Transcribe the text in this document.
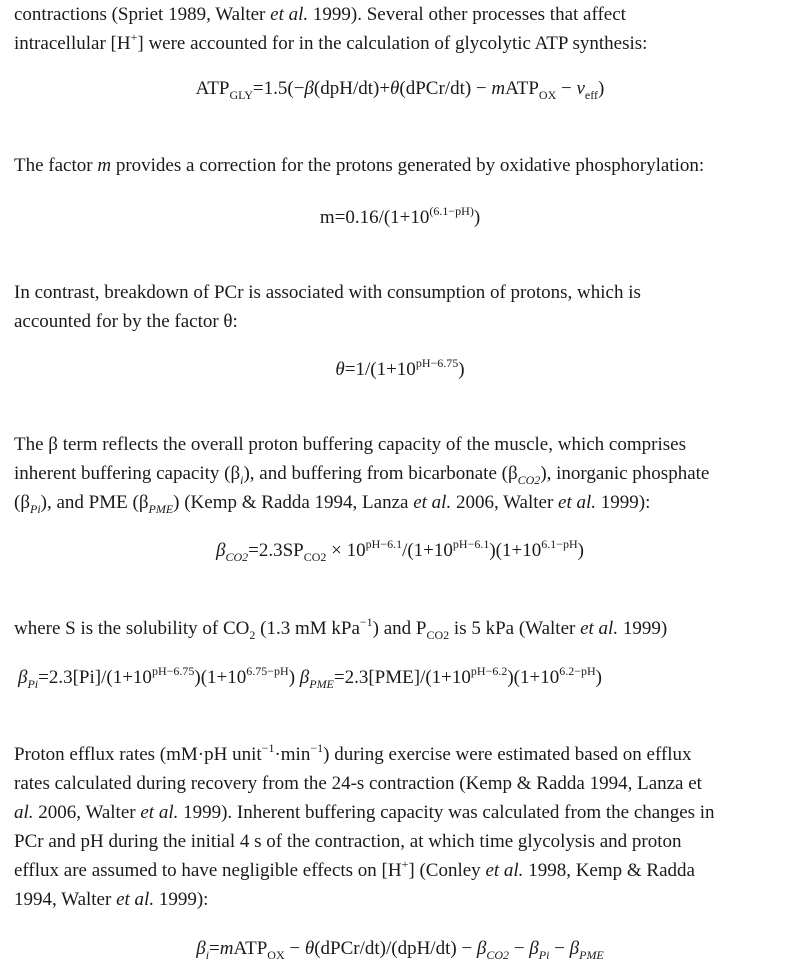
contractions (Spriet 1989, Walter et al. 1999). Several other processes that affect
intracellular [H+] were accounted for in the calculation of glycolytic ATP synthesis:

$ATP_{GLY}=1.5(-\beta(dpH/dt)+\theta(dPCr/dt)$ − mATP$_{OX}$ − $v_{eff}$)

The factor m provides a correction for the protons generated by oxidative phosphorylation:

$m=0.16/(1+10^{(6.1-pH)})$

In contrast, breakdown of PCr is associated with consumption of protons, which is
accounted for by the factor θ:

$\theta=1/(1+10^{pH-6.75})$

The β term reflects the overall proton buffering capacity of the muscle, which comprises
inherent buffering capacity $(\beta_i)$, and buffering from bicarbonate $(\beta_{CO2})$, inorganic phosphate
$(\beta_{Pi})$, and PME $(\beta_{PME})$ (Kemp & Radda 1994, Lanza et al. 2006, Walter et al. 1999):

$\beta_{CO2}=2.3SP_{CO2} \times 10^{pH-6.1}/(1+10^{pH-6.1})(1+10^{6.1-pH})$

where S is the solubility of $CO_2$ (1.3 mM kPa$^{-1}$) and $P_{CO2}$ is 5 kPa (Walter et al. 1999)

$\beta_{Pi}=2.3[Pi]/(1+10^{pH-6.75})(1+10^{6.75-pH})$ $\beta_{PME}=2.3[PME]/(1+10^{pH-6.2})(1+10^{6.2-pH})$

Proton efflux rates (mM·pH $unit^{-1}\cdot\min^{-1}$) during exercise were estimated based on efflux
rates calculated during recovery from the 24-s contraction (Kemp & Radda 1994, Lanza et
al. 2006, Walter et al. 1999). Inherent buffering capacity was calculated from the changes in
PCr and pH during the initial 4 s of the contraction, at which time glycolysis and proton
efflux are assumed to have negligible effects on [H+] (Conley et al. 1998, Kemp & Radda
1994, Walter et al. 1999):

$\beta_i=mATP_{OX}$ − θ(dPCr/dt)/(dpH/dt) − $\beta_{CO2} - \beta_{Pi} - \beta_{PME}$
